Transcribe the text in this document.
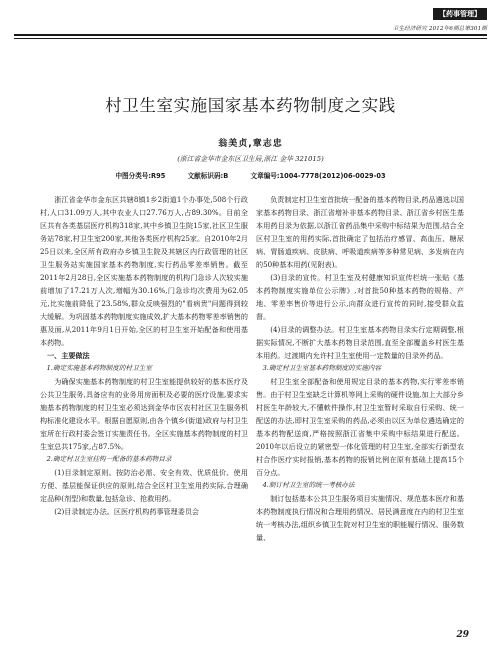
【药事管理】
卫生经济研究 2012年6期总第301期
村卫生室实施国家基本药物制度之实践
翁美贞,章志忠
(浙江省金华市金东区卫生局,浙江 金华 321015)
中图分类号:R95	文献标识码:B	文章编号:1004-7778(2012)06-0029-03

浙江省金华市金东区共辖8镇1乡2街道1个办事处,508个行政村,人口31.09万人,其中农业人口27.76万人,占89.30%。目前全区共有各类基层医疗机构318家,其中乡镇卫生院15家,社区卫生服务站78家,村卫生室200家,其他各类医疗机构25家。自2010年2月25日以来,全区所有政府办乡镇卫生院及其辖区内行政管理的社区卫生服务站实施国家基本药物制度,实行药品零差率销售。截至2011年2月28日,全区实施基本药物制度的机构门急诊人次较实施前增加了17.21万人次,增幅为30.16%,门急诊均次费用为62.05元,比实施前降低了23.58%,群众反映强烈的"看病贵"问题得到较大缓解。为巩固基本药物制度实施成效,扩大基本药物零差率销售的惠及面,从2011年9月1日开始,全区的村卫生室开始配备和使用基本药物。

一、主要做法

1.确定实施基本药物制度的村卫生室

为确保实施基本药物制度的村卫生室能提供较好的基本医疗及公共卫生服务,具备应有的业务用房面积及必要的医疗设施,要求实施基本药物制度的村卫生室必须达到金华市区农村社区卫生服务机构标准化建设水平。根据自愿原则,由各个镇乡(街道)政府与村卫生室所在行政村委会签订实施责任书。全区实施基本药物制度的村卫生室总共175家,占87.5%。

2.确定村卫生室挂钩一配备的基本药物目录

(1)目录制定原则。按防治必需、安全有效、优质低价、使用方便、基层能保证供应的原则,结合全区村卫生室用药实际,合理确定品种(剂型)和数量,包括急诊、抢救用药。

(2)目录制定办法。区医疗机构药事管理委员会

负责制定村卫生室首批统一配备的基本药物目录,药品遴选以国家基本药物目录、浙江省增补非基本药物目录、浙江省乡村医生基本用药目录为依据,以浙江省药品集中采购中标结果为范围,结合全区村卫生室的用药实际,首批确定了包括治疗感冒、高血压、糖尿病、胃肠道疾病、皮肤病、呼吸道疾病等多种常见病、多发病在内的50种基本用药(见附表)。

(3)目录的宣传。村卫生室及村健康知识宣传栏统一张贴《基本药物制度实施单位公示牌》,对首批50种基本药物的规格、产地、零差率售价等进行公示,向群众进行宣传的同时,接受群众监督。

(4)目录的调整办法。村卫生室基本药物目录实行定期调整,根据实际情况,不断扩大基本药物目录范围,直至全部覆盖乡村医生基本用药。过渡期内允许村卫生室使用一定数量的目录外药品。

3.确定村卫生室基本药物制度的实施内容

村卫生室全部配备和使用规定目录的基本药物,实行零差率销售。由于村卫生室缺乏计算机等网上采购的硬件设施,加上大部分乡村医生年龄较大,不懂軟件操作,村卫生室暂时采取自行采购、统一配送的办法,即村卫生室采购的药品,必须由以区为单位遴选确定的基本药物配送商,严格按照浙江省集中采购中标结果进行配送。2010年以后设立的紧密型一体化管理的村卫生室,全部实行新型农村合作医疗实时报销,基本药物的报销比例在原有基础上提高15个百分点。

4.制订村卫生室的统一考核办法

制订包括基本公共卫生服务项目实施情况、规范基本医疗和基本药物制度执行情况和合理用药情况、居民满意度在内的村卫生室统一考核办法,组织乡镇卫生院对村卫生室的职能履行情况、服务数量、

29
